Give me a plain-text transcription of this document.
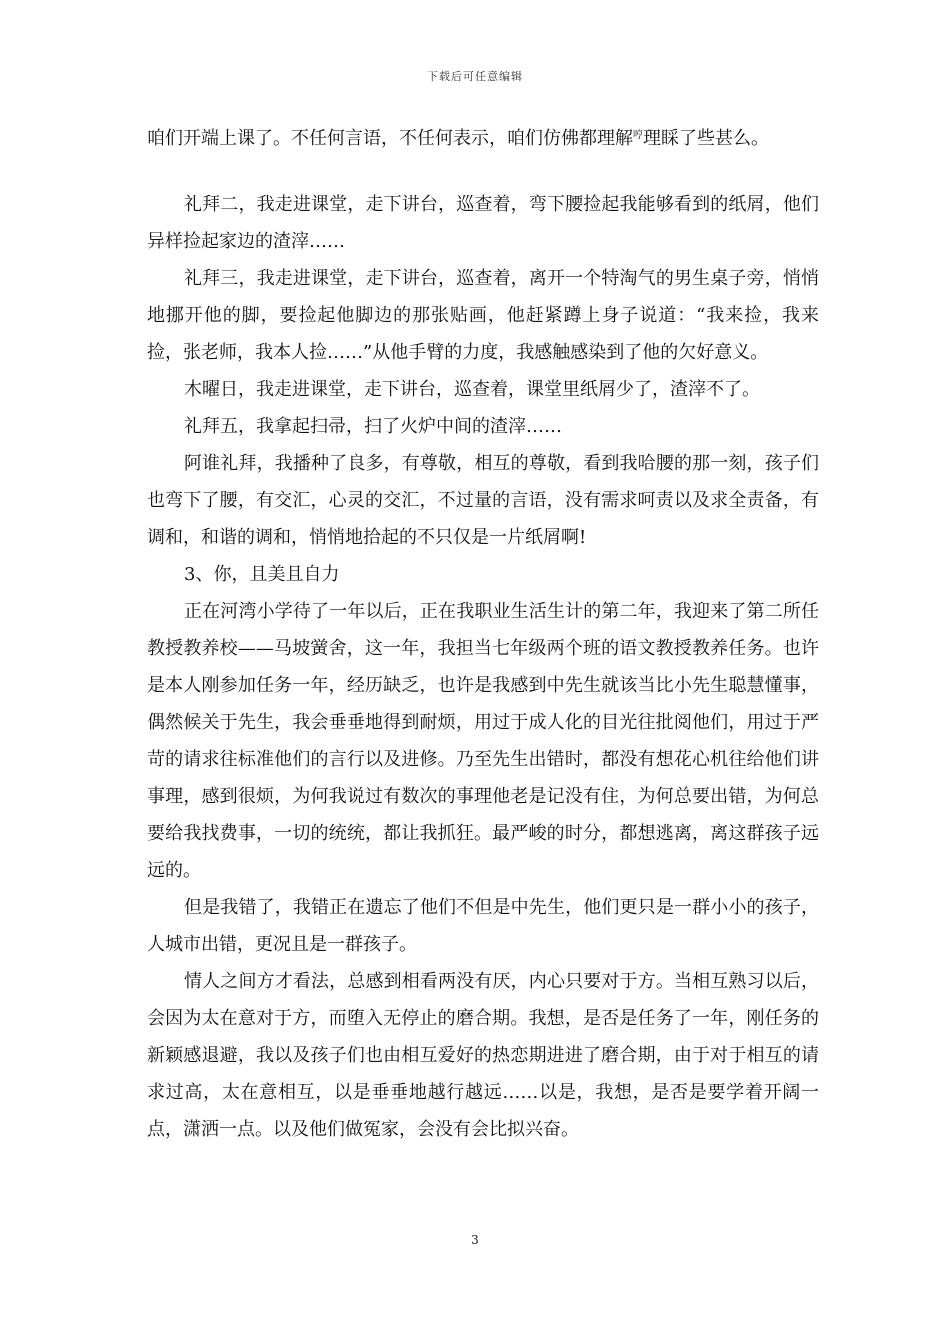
下载后可任意编辑

咱们开端上课了。不任何言语，不任何表示，咱们仿佛都理解$^哼$理睬了些甚么。

礼拜二，我走进课堂，走下讲台，巡查着，弯下腰捡起我能够看到的纸屑，他们异样捡起家边的渣滓……

礼拜三，我走进课堂，走下讲台，巡查着，离开一个特淘气的男生桌子旁，悄悄地挪开他的脚，要捡起他脚边的那张贴画，他赶紧蹲上身子说道：“我来捡，我来捡，张老师，我本人捡……”从他手臂的力度，我感触感染到了他的欠好意义。

木曜日，我走进课堂，走下讲台，巡查着，课堂里纸屑少了，渣滓不了。

礼拜五，我拿起扫帚，扫了火炉中间的渣滓……

阿谁礼拜，我播种了良多，有尊敬，相互的尊敬，看到我哈腰的那一刻，孩子们也弯下了腰，有交汇，心灵的交汇，不过量的言语，没有需求呵责以及求全责备，有调和，和谐的调和，悄悄地拾起的不只仅是一片纸屑啊!

3、你，且美且自力

正在河湾小学待了一年以后，正在我职业生活生计的第二年，我迎来了第二所任教授教养校——马坡黉舍，这一年，我担当七年级两个班的语文教授教养任务。也许是本人刚参加任务一年，经历缺乏，也许是我感到中先生就该当比小先生聪慧懂事，偶然候关于先生，我会垂垂地得到耐烦，用过于成人化的目光往批阅他们，用过于严苛的请求往标准他们的言行以及进修。乃至先生出错时，都没有想花心机往给他们讲事理，感到很烦，为何我说过有数次的事理他老是记没有住，为何总要出错，为何总要给我找费事，一切的统统，都让我抓狂。最严峻的时分，都想逃离，离这群孩子远远的。

但是我错了，我错正在遗忘了他们不但是中先生，他们更只是一群小小的孩子，人城市出错，更况且是一群孩子。

情人之间方才看法，总感到相看两没有厌，内心只要对于方。当相互熟习以后，会因为太在意对于方，而堕入无停止的磨合期。我想，是否是任务了一年，刚任务的新颖感退避，我以及孩子们也由相互爱好的热恋期进进了磨合期，由于对于相互的请求过高，太在意相互，以是垂垂地越行越远……以是，我想，是否是要学着开阔一点，潇洒一点。以及他们做冤家，会没有会比拟兴奋。

3
